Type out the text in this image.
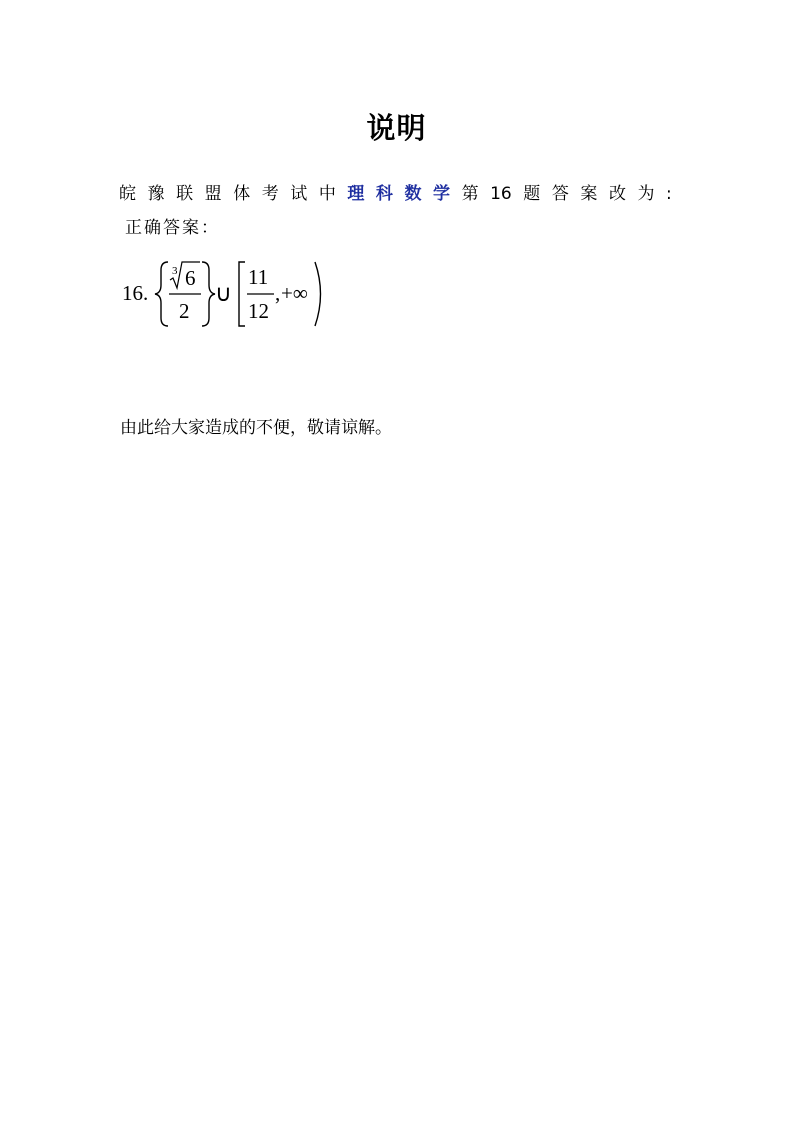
说明
皖 豫 联 盟 体 考 试 中 理 科 数 学 第 16 题 答 案 改 为 :
正确答案：
16.
3 6
2
∪
11
12
, +∞
由此给大家造成的不便，敬请谅解。
